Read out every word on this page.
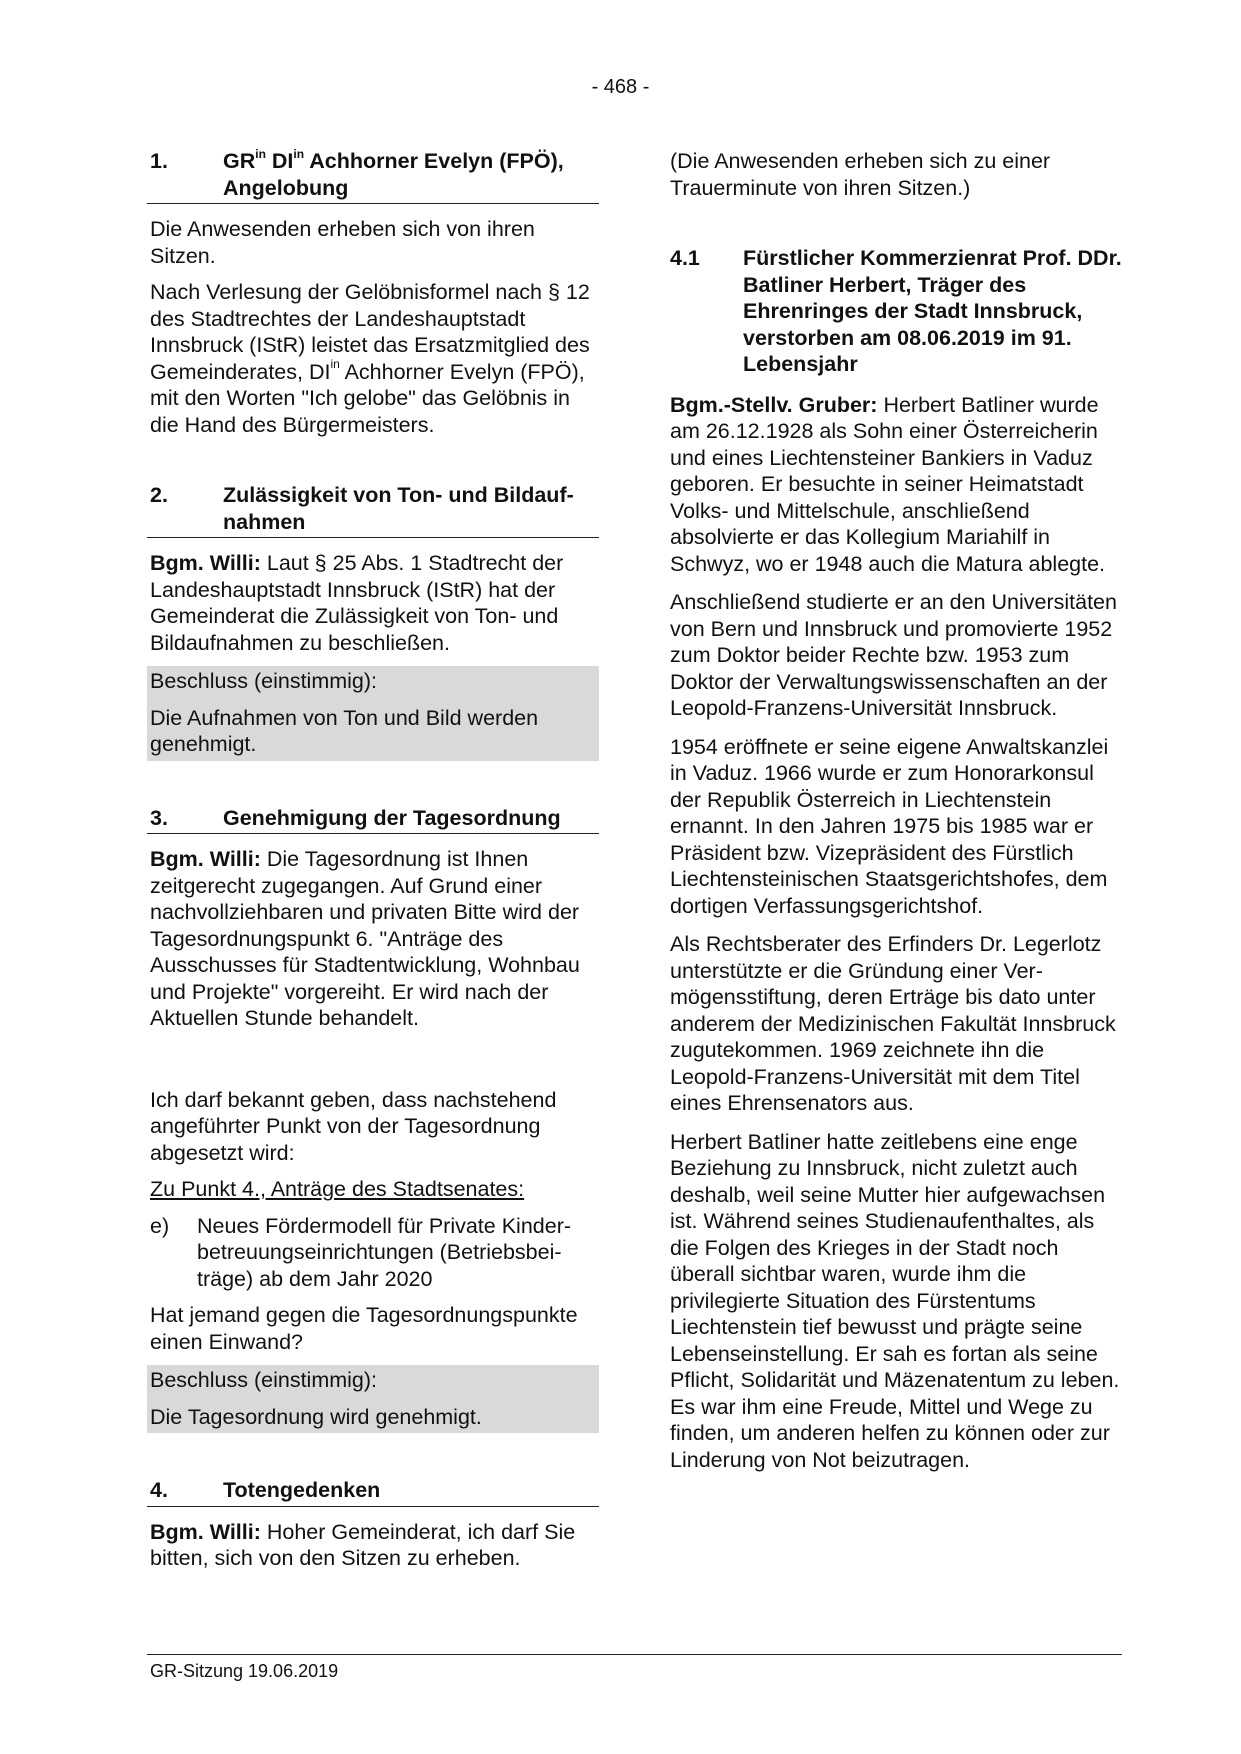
- 468 -
1.	$GR^{in}$ $DI^{in}$ Achhorner Evelyn (FPÖ), Angelobung

Die Anwesenden erheben sich von ihren Sitzen.

Nach Verlesung der Gelöbnisformel nach § 12 des Stadtrechtes der Landeshauptstadt Innsbruck (IStR) leistet das Ersatzmitglied des Gemeinderates, $DI^{in}$ Achhorner Evelyn (FPÖ), mit den Worten "Ich gelobe" das Gelöbnis in die Hand des Bürgermeisters.

2.	Zulässigkeit von Ton- und Bildaufnahmen

Bgm. Willi: Laut § 25 Abs. 1 Stadtrecht der Landeshauptstadt Innsbruck (IStR) hat der Gemeinderat die Zulässigkeit von Ton- und Bildaufnahmen zu beschließen.

Beschluss (einstimmig):

Die Aufnahmen von Ton und Bild werden genehmigt.

3.	Genehmigung der Tagesordnung

Bgm. Willi: Die Tagesordnung ist Ihnen zeitgerecht zugegangen. Auf Grund einer nachvollziehbaren und privaten Bitte wird der Tagesordnungspunkt 6. "Anträge des Ausschusses für Stadtentwicklung, Wohnbau und Projekte" vorgereiht. Er wird nach der Aktuellen Stunde behandelt.

Ich darf bekannt geben, dass nachstehend angeführter Punkt von der Tagesordnung abgesetzt wird:

Zu Punkt 4., Anträge des Stadtsenates:

e)	Neues Fördermodell für Private Kinderbetreuungseinrichtungen (Betriebsbeiträge) ab dem Jahr 2020

Hat jemand gegen die Tagesordnungspunkte einen Einwand?

Beschluss (einstimmig):

Die Tagesordnung wird genehmigt.

4.	Totengedenken

Bgm. Willi: Hoher Gemeinderat, ich darf Sie bitten, sich von den Sitzen zu erheben.

(Die Anwesenden erheben sich zu einer Trauerminute von ihren Sitzen.)

4.1	Fürstlicher Kommerzienrat Prof. DDr. Batliner Herbert, Träger des Ehrenringes der Stadt Innsbruck, verstorben am 08.06.2019 im 91. Lebensjahr

Bgm.-Stellv. Gruber: Herbert Batliner wurde am 26.12.1928 als Sohn einer Österreicherin und eines Liechtensteiner Bankiers in Vaduz geboren. Er besuchte in seiner Heimatstadt Volks- und Mittelschule, anschließend absolvierte er das Kollegium Mariahilf in Schwyz, wo er 1948 auch die Matura ablegte.

Anschließend studierte er an den Universitäten von Bern und Innsbruck und promovierte 1952 zum Doktor beider Rechte bzw. 1953 zum Doktor der Verwaltungswissenschaften an der Leopold-Franzens-Universität Innsbruck.

1954 eröffnete er seine eigene Anwaltskanzlei in Vaduz. 1966 wurde er zum Honorarkonsul der Republik Österreich in Liechtenstein ernannt. In den Jahren 1975 bis 1985 war er Präsident bzw. Vizepräsident des Fürstlich Liechtensteinischen Staatsgerichtshofes, dem dortigen Verfassungsgerichtshof.

Als Rechtsberater des Erfinders Dr. Legerlotz unterstützte er die Gründung einer Vermögensstiftung, deren Erträge bis dato unter anderem der Medizinischen Fakultät Innsbruck zugutekommen. 1969 zeichnete ihn die Leopold-Franzens-Universität mit dem Titel eines Ehrensenators aus.

Herbert Batliner hatte zeitlebens eine enge Beziehung zu Innsbruck, nicht zuletzt auch deshalb, weil seine Mutter hier aufgewachsen ist. Während seines Studienaufenthaltes, als die Folgen des Krieges in der Stadt noch überall sichtbar waren, wurde ihm die privilegierte Situation des Fürstentums Liechtenstein tief bewusst und prägte seine Lebenseinstellung. Er sah es fortan als seine Pflicht, Solidarität und Mäzenatentum zu leben. Es war ihm eine Freude, Mittel und Wege zu finden, um anderen helfen zu können oder zur Linderung von Not beizutragen.

GR-Sitzung 19.06.2019
